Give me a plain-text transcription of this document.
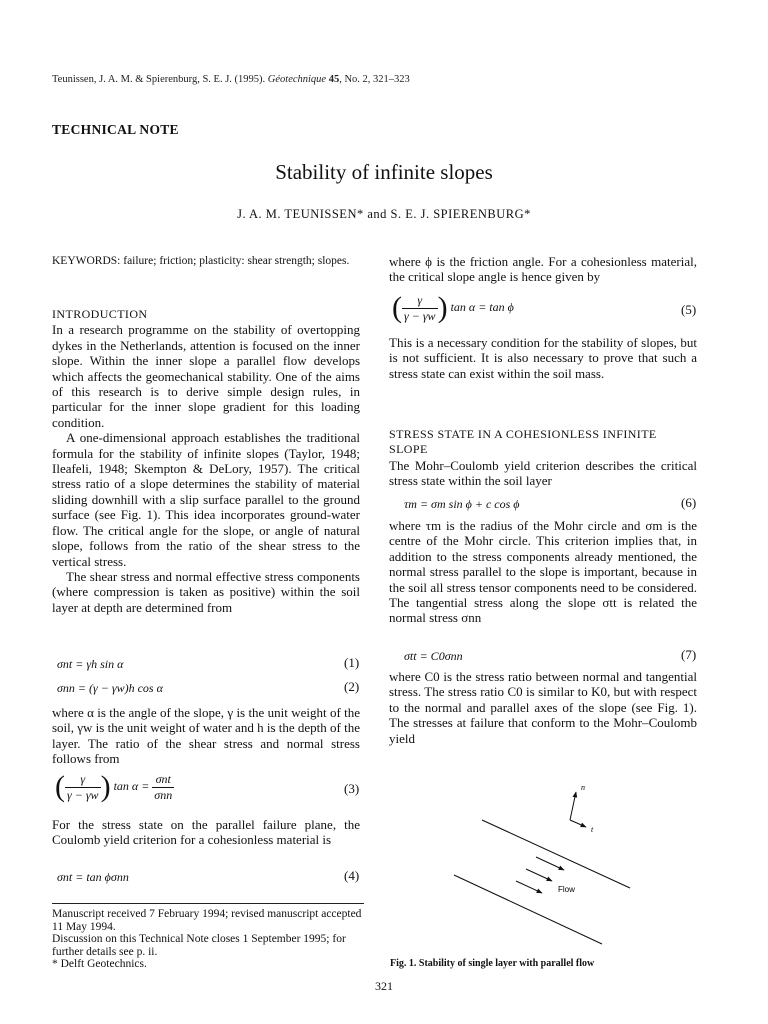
Teunissen, J. A. M. & Spierenburg, S. E. J. (1995). Géotechnique 45, No. 2, 321–323
TECHNICAL NOTE
Stability of infinite slopes
J. A. M. TEUNISSEN* and S. E. J. SPIERENBURG*
KEYWORDS: failure; friction; plasticity: shear strength; slopes.

INTRODUCTION

In a research programme on the stability of overtopping dykes in the Netherlands, attention is focused on the inner slope. Within the inner slope a parallel flow develops which affects the geomechanical stability. One of the aims of this research is to derive simple design rules, in particular for the inner slope gradient for this loading condition.

A one-dimensional approach establishes the traditional formula for the stability of infinite slopes (Taylor, 1948; Ileafeli, 1948; Skempton & DeLory, 1957). The critical stress ratio of a slope determines the stability of material sliding downhill with a slip surface parallel to the ground surface (see Fig. 1). This idea incorporates ground-water flow. The critical angle for the slope, or angle of natural slope, follows from the ratio of the shear stress to the vertical stress.

The shear stress and normal effective stress components (where compression is taken as positive) within the soil layer at depth are determined from

σnt = γh sin α	(1)
σnn = (γ − γw)h cos α	(2)
where α is the angle of the slope, γ is the unit weight of the soil, γw is the unit weight of water and h is the depth of the layer. The ratio of the shear stress and normal stress follows from
( $\frac{\gamma}{\gamma - \gamma w}$ ) $\tan \alpha = \frac{\text{σnt}}{\text{σnn}}$	(3)
For the stress state on the parallel failure plane, the Coulomb yield criterion for a cohesionless material is
σnt = tan ϕσnn	(4)

Manuscript received 7 February 1994; revised manuscript accepted 11 May 1994.

Discussion on this Technical Note closes 1 September 1995; for further details see p. ii.

* Delft Geotechnics.

where ϕ is the friction angle. For a cohesionless material, the critical slope angle is hence given by
( $\frac{\gamma}{\gamma - \gamma w}$ ) tan α = tan ϕ	(5)
This is a necessary condition for the stability of slopes, but is not sufficient. It is also necessary to prove that such a stress state can exist within the soil mass.

STRESS STATE IN A COHESIONLESS INFINITE SLOPE

The Mohr–Coulomb yield criterion describes the critical stress state within the soil layer

τm = σm sin ϕ + c cos ϕ	(6)
where τm is the radius of the Mohr circle and σm is the centre of the Mohr circle. This criterion implies that, in addition to the stress components already mentioned, the normal stress parallel to the slope is important, because in the soil all stress tensor components need to be considered. The tangential stress along the slope σtt is related the normal stress σnn
σtt = C0σnn	(7)
where C0 is the stress ratio between normal and tangential stress. The stress ratio C0 is similar to K0, but with respect to the normal and parallel axes of the slope (see Fig. 1). The stresses at failure that conform to the Mohr–Coulomb yield
n
t
Flow
Fig. 1. Stability of single layer with parallel flow
321
